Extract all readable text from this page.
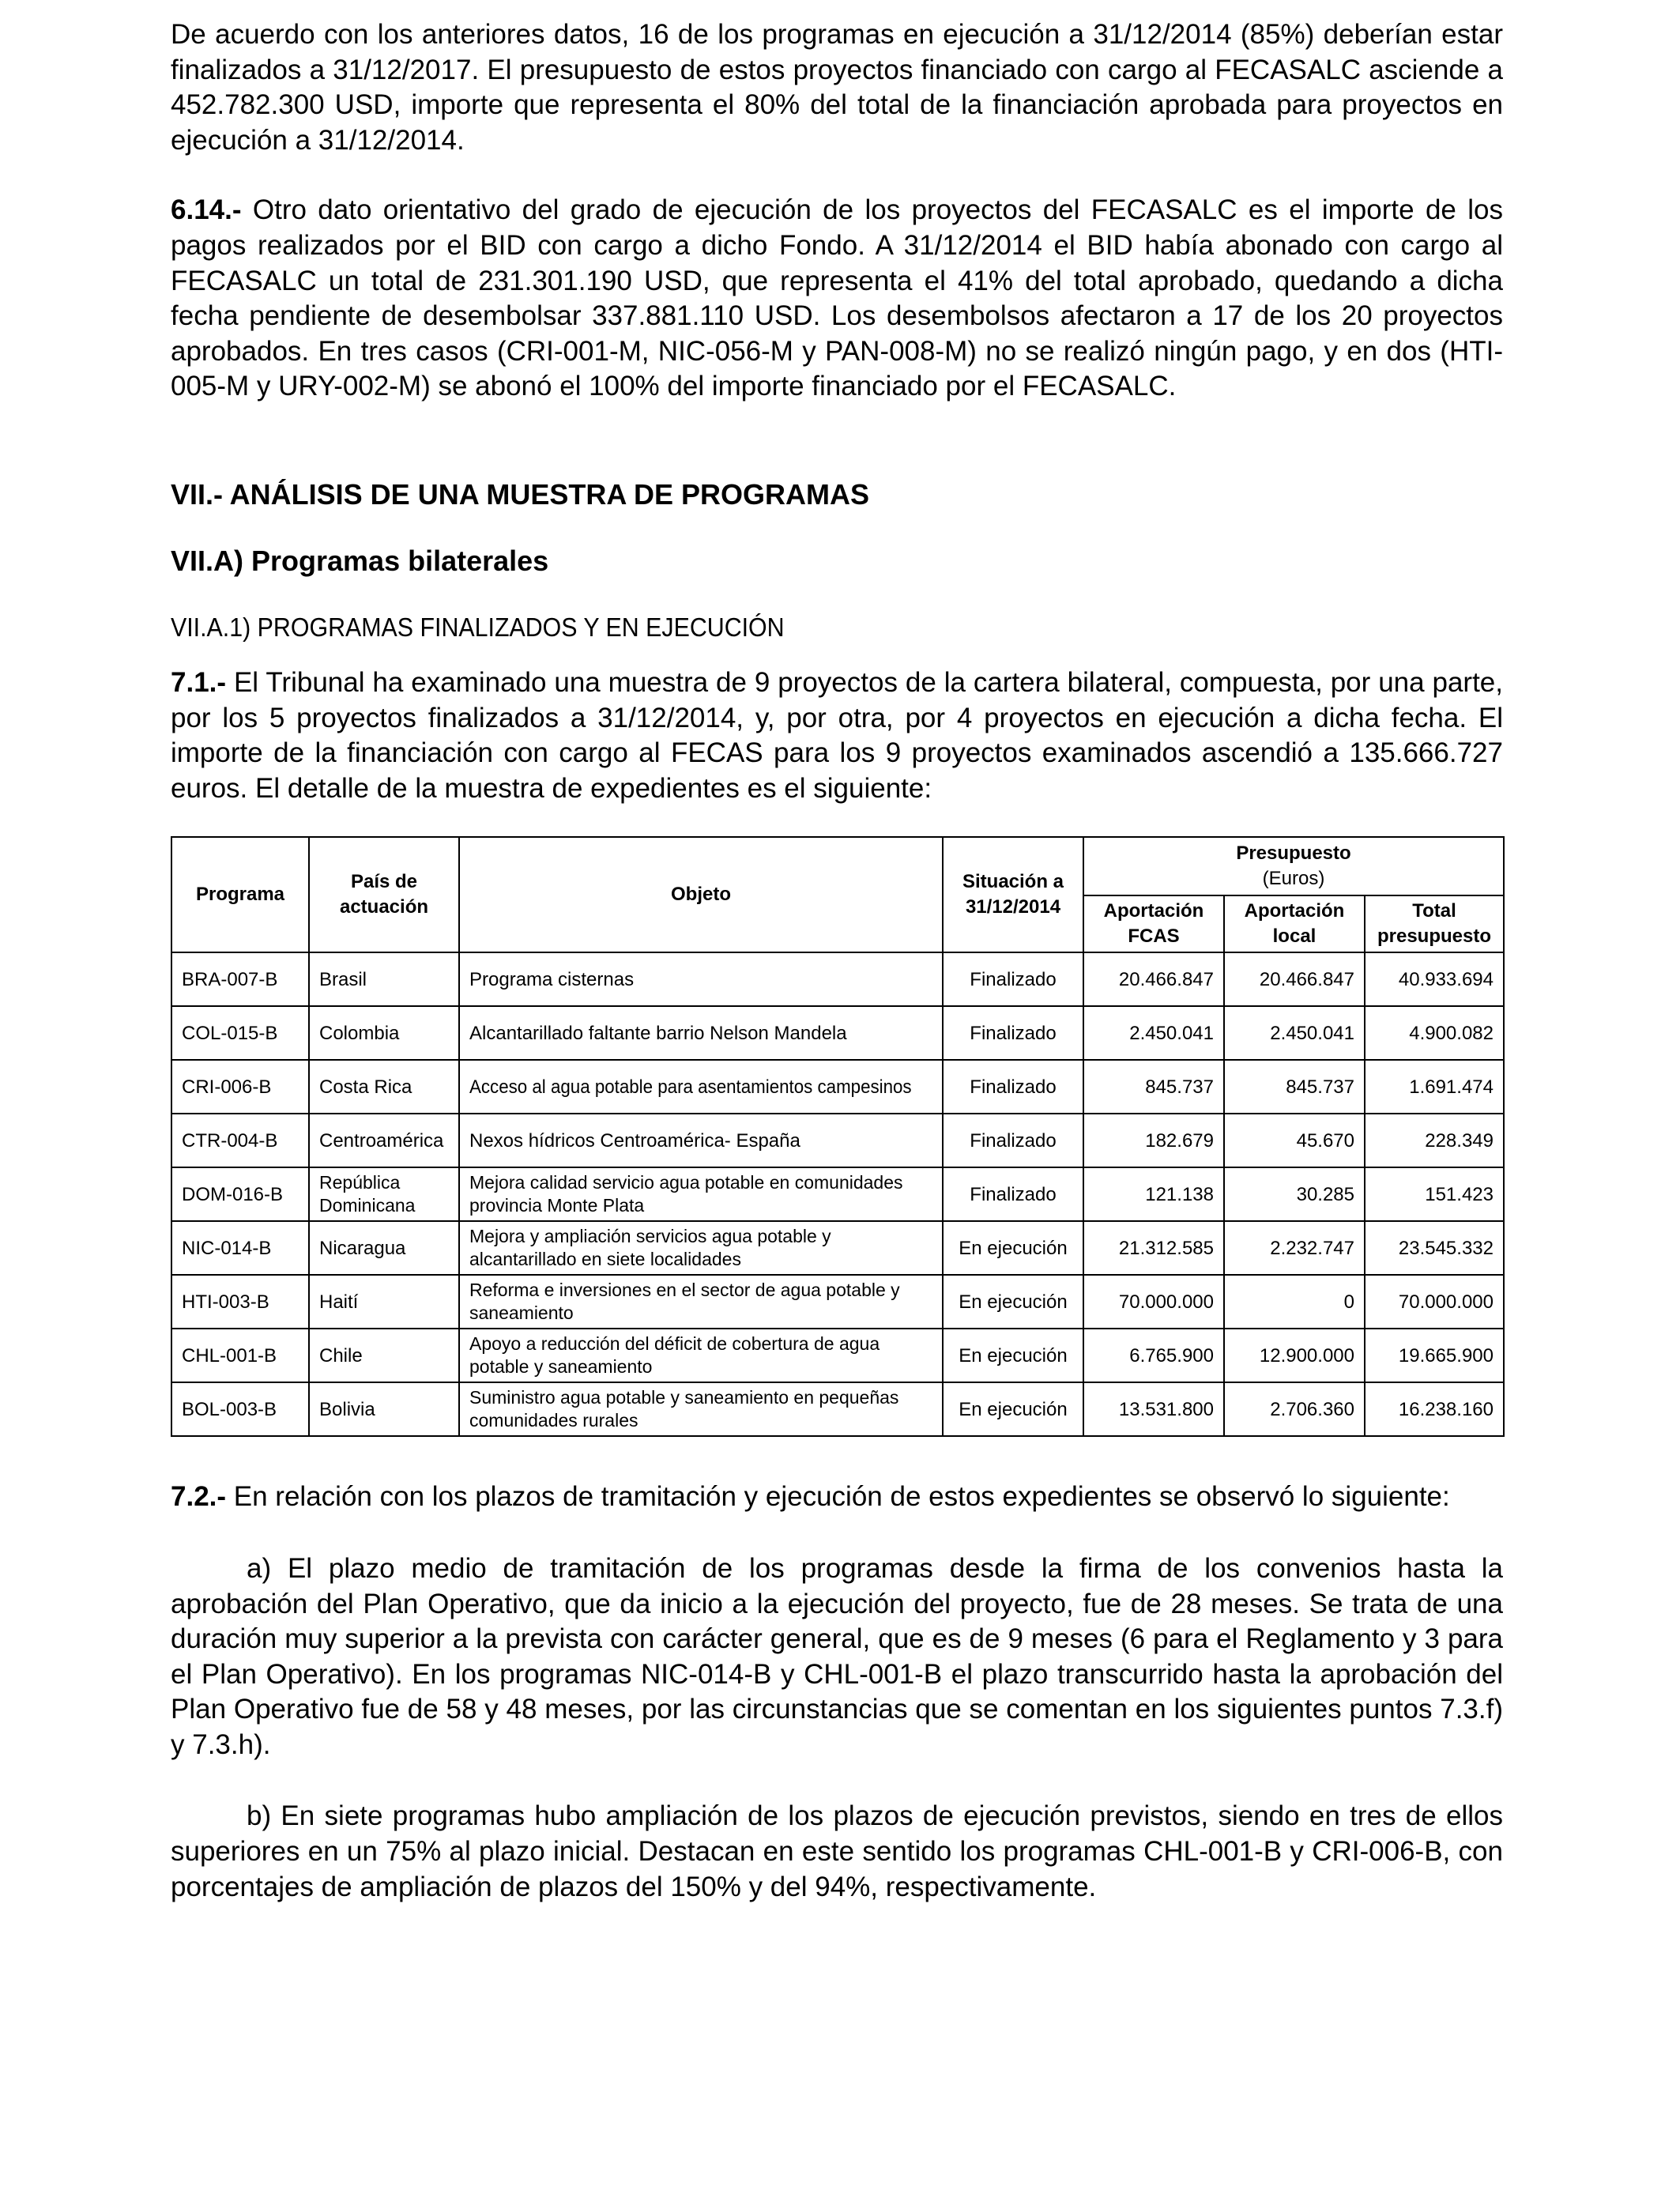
De acuerdo con los anteriores datos, 16 de los programas en ejecución a 31/12/2014 (85%) deberían estar finalizados a 31/12/2017. El presupuesto de estos proyectos financiado con cargo al FECASALC asciende a 452.782.300 USD, importe que representa el 80% del total de la financiación aprobada para proyectos en ejecución a 31/12/2014.

6.14.- Otro dato orientativo del grado de ejecución de los proyectos del FECASALC es el importe de los pagos realizados por el BID con cargo a dicho Fondo. A 31/12/2014 el BID había abonado con cargo al FECASALC un total de 231.301.190 USD, que representa el 41% del total aprobado, quedando a dicha fecha pendiente de desembolsar 337.881.110 USD. Los desembolsos afectaron a 17 de los 20 proyectos aprobados. En tres casos (CRI-001-M, NIC-056-M y PAN-008-M) no se realizó ningún pago, y en dos (HTI-005-M y URY-002-M) se abonó el 100% del importe financiado por el FECASALC.

VII.- ANÁLISIS DE UNA MUESTRA DE PROGRAMAS

VII.A) Programas bilaterales

VII.A.1) PROGRAMAS FINALIZADOS Y EN EJECUCIÓN

7.1.- El Tribunal ha examinado una muestra de 9 proyectos de la cartera bilateral, compuesta, por una parte, por los 5 proyectos finalizados a 31/12/2014, y, por otra, por 4 proyectos en ejecución a dicha fecha. El importe de la financiación con cargo al FECAS para los 9 proyectos examinados ascendió a 135.666.727 euros. El detalle de la muestra de expedientes es el siguiente:

Programa	País de actuación	Objeto	Situación a 31/12/2014	Presupuesto
(Euros)		

				Aportación FCAS	Aportación local	Total presupuesto
BRA-007-B	Brasil	Programa cisternas	Finalizado	20.466.847	20.466.847	40.933.694
COL-015-B	Colombia	Alcantarillado faltante barrio Nelson Mandela	Finalizado	2.450.041	2.450.041	4.900.082
CRI-006-B	Costa Rica	Acceso al agua potable para asentamientos campesinos	Finalizado	845.737	845.737	1.691.474
CTR-004-B	Centroamérica	Nexos hídricos Centroamérica- España	Finalizado	182.679	45.670	228.349
DOM-016-B	República Dominicana	Mejora calidad servicio agua potable en comunidades provincia Monte Plata	Finalizado	121.138	30.285	151.423
NIC-014-B	Nicaragua	Mejora y ampliación servicios agua potable y alcantarillado en siete localidades	En ejecución	21.312.585	2.232.747	23.545.332
HTI-003-B	Haití	Reforma e inversiones en el sector de agua potable y saneamiento	En ejecución	70.000.000	0	70.000.000
CHL-001-B	Chile	Apoyo a reducción del déficit de cobertura de agua potable y saneamiento	En ejecución	6.765.900	12.900.000	19.665.900
BOL-003-B	Bolivia	Suministro agua potable y saneamiento en pequeñas comunidades rurales	En ejecución	13.531.800	2.706.360	16.238.160

7.2.- En relación con los plazos de tramitación y ejecución de estos expedientes se observó lo siguiente:

a) El plazo medio de tramitación de los programas desde la firma de los convenios hasta la aprobación del Plan Operativo, que da inicio a la ejecución del proyecto, fue de 28 meses. Se trata de una duración muy superior a la prevista con carácter general, que es de 9 meses (6 para el Reglamento y 3 para el Plan Operativo). En los programas NIC-014-B y CHL-001-B el plazo transcurrido hasta la aprobación del Plan Operativo fue de 58 y 48 meses, por las circunstancias que se comentan en los siguientes puntos 7.3.f) y 7.3.h).

b) En siete programas hubo ampliación de los plazos de ejecución previstos, siendo en tres de ellos superiores en un 75% al plazo inicial. Destacan en este sentido los programas CHL-001-B y CRI-006-B, con porcentajes de ampliación de plazos del 150% y del 94%, respectivamente.
